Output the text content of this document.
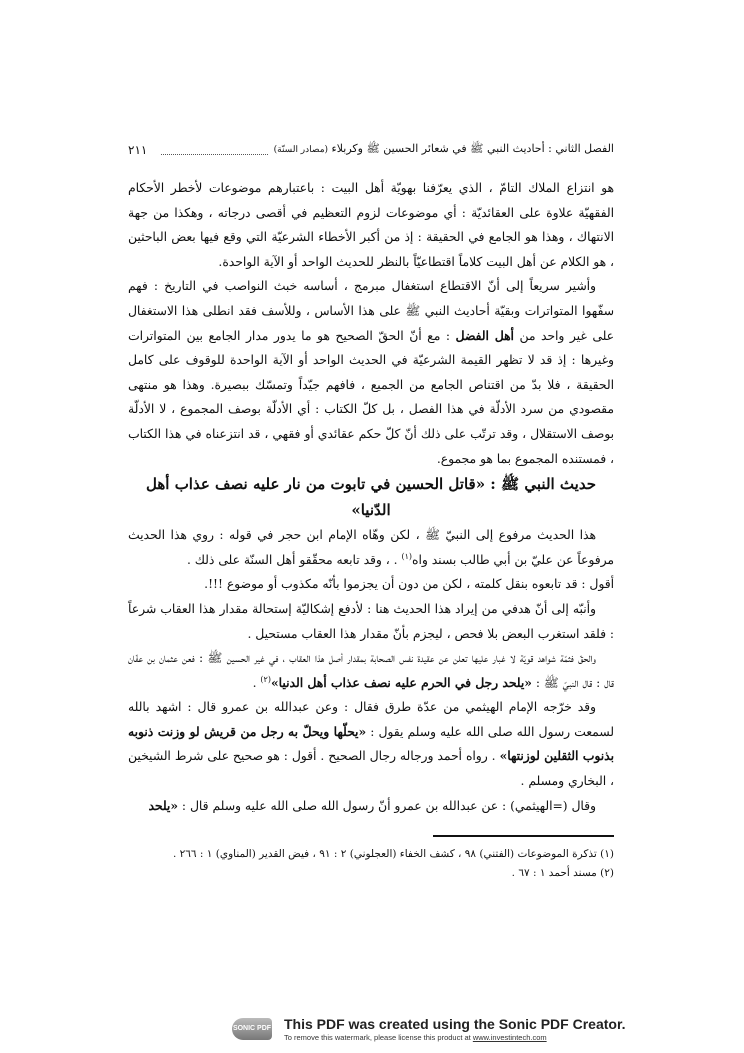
الفصل الثاني : أحاديث النبي ﷺ في شعائر الحسين ﷺ وكربلاء (مصادر السنّة)
٢١١

هو انتزاع الملاك التامّ ، الذي يعرّفنا بهويّة أهل البيت : باعتبارهم موضوعات لأخطر الأحكام الفقهيّة علاوة على العقائديّة : أي موضوعات لزوم التعظيم في أقصى درجاته ، وهكذا من جهة الانتهاك ، وهذا هو الجامع في الحقيقة : إذ من أكبر الأخطاء الشرعيّة التي وقع فيها بعض الباحثين ، هو الكلام عن أهل البيت كلاماً اقتطاعيّاً بالنظر للحديث الواحد أو الآية الواحدة.

وأشير سريعاً إلى أنّ الاقتطاع استغفال مبرمج ، أساسه خبث النواصب في التاريخ : فهم سفّهوا المتواترات وبقيّة أحاديث النبي ﷺ على هذا الأساس ، وللأسف فقد انطلى هذا الاستغفال على غير واحد من أهل الفضل : مع أنّ الحقّ الصحيح هو ما يدور مدار الجامع بين المتواترات وغيرها : إذ قد لا تظهر القيمة الشرعيّة في الحديث الواحد أو الآية الواحدة للوقوف على كامل الحقيقة ، فلا بدّ من اقتناص الجامع من الجميع ، فافهم جيّداً وتمسّك ببصيرة. وهذا هو منتهى مقصودي من سرد الأدلّة في هذا الفصل ، بل كلّ الكتاب : أي الأدلّة بوصف المجموع ، لا الأدلّة بوصف الاستقلال ، وقد ترتّب على ذلك أنّ كلّ حكم عقائدي أو فقهي ، قد انتزعناه في هذا الكتاب ، فمستنده المجموع بما هو مجموع.

حديث النبي ﷺ : «قاتل الحسين في تابوت من نار عليه نصف عذاب أهل الدّنيا»

هذا الحديث مرفوع إلى النبيّ ﷺ ، لكن وهّاه الإمام ابن حجر في قوله : روي هذا الحديث مرفوعاً عن عليّ بن أبي طالب بسند واه$^{(١)}$ . ، وقد تابعه محقّقو أهل السنّة على ذلك .

أقول : قد تابعوه بنقل كلمته ، لكن من دون أن يجزموا بأنّه مكذوب أو موضوع !!!.

وأنبّه إلى أنّ هدفي من إيراد هذا الحديث هنا : لأدفع إشكاليّة إستحالة مقدار هذا العقاب شرعاً : فلقد استغرب البعض بلا فحص ، ليجزم بأنّ مقدار هذا العقاب مستحيل .

والحقّ فثمّة شواهد قويّة لا غبار عليها تعلن عن عقيدة نفس الصحابة بمقدار أصل هذا العقاب ، في غير الحسين ﷺ : فعن عثمان بن عفّان قال : قال النبيّ ﷺ : «يلحد رجل في الحرم عليه نصف عذاب أهل الدنيا»$^{(٢)}$ .

وقد خرّجه الإمام الهيثمي من عدّة طرق فقال : وعن عبدالله بن عمرو قال : اشهد بالله لسمعت رسول الله صلى الله عليه وسلم يقول : «يحلّها ويحلّ به رجل من قريش لو وزنت ذنوبه بذنوب الثقلين لوزنتها» . رواه أحمد ورجاله رجال الصحيح . أقول : هو صحيح على شرط الشيخين ، البخاري ومسلم .

وقال (=الهيثمي) : عن عبدالله بن عمرو أنّ رسول الله صلى الله عليه وسلم قال : «يلحد

(١) تذكرة الموضوعات (الفتني) ٩٨ ، كشف الخفاء (العجلوني) ٢ : ٩١ ، فيض القدير (المناوي) ١ : ٢٦٦ .

(٢) مسند أحمد ١ : ٦٧ .

SONIC PDF This PDF was created using the Sonic PDF Creator.
To remove this watermark, please license this product at www.investintech.com
